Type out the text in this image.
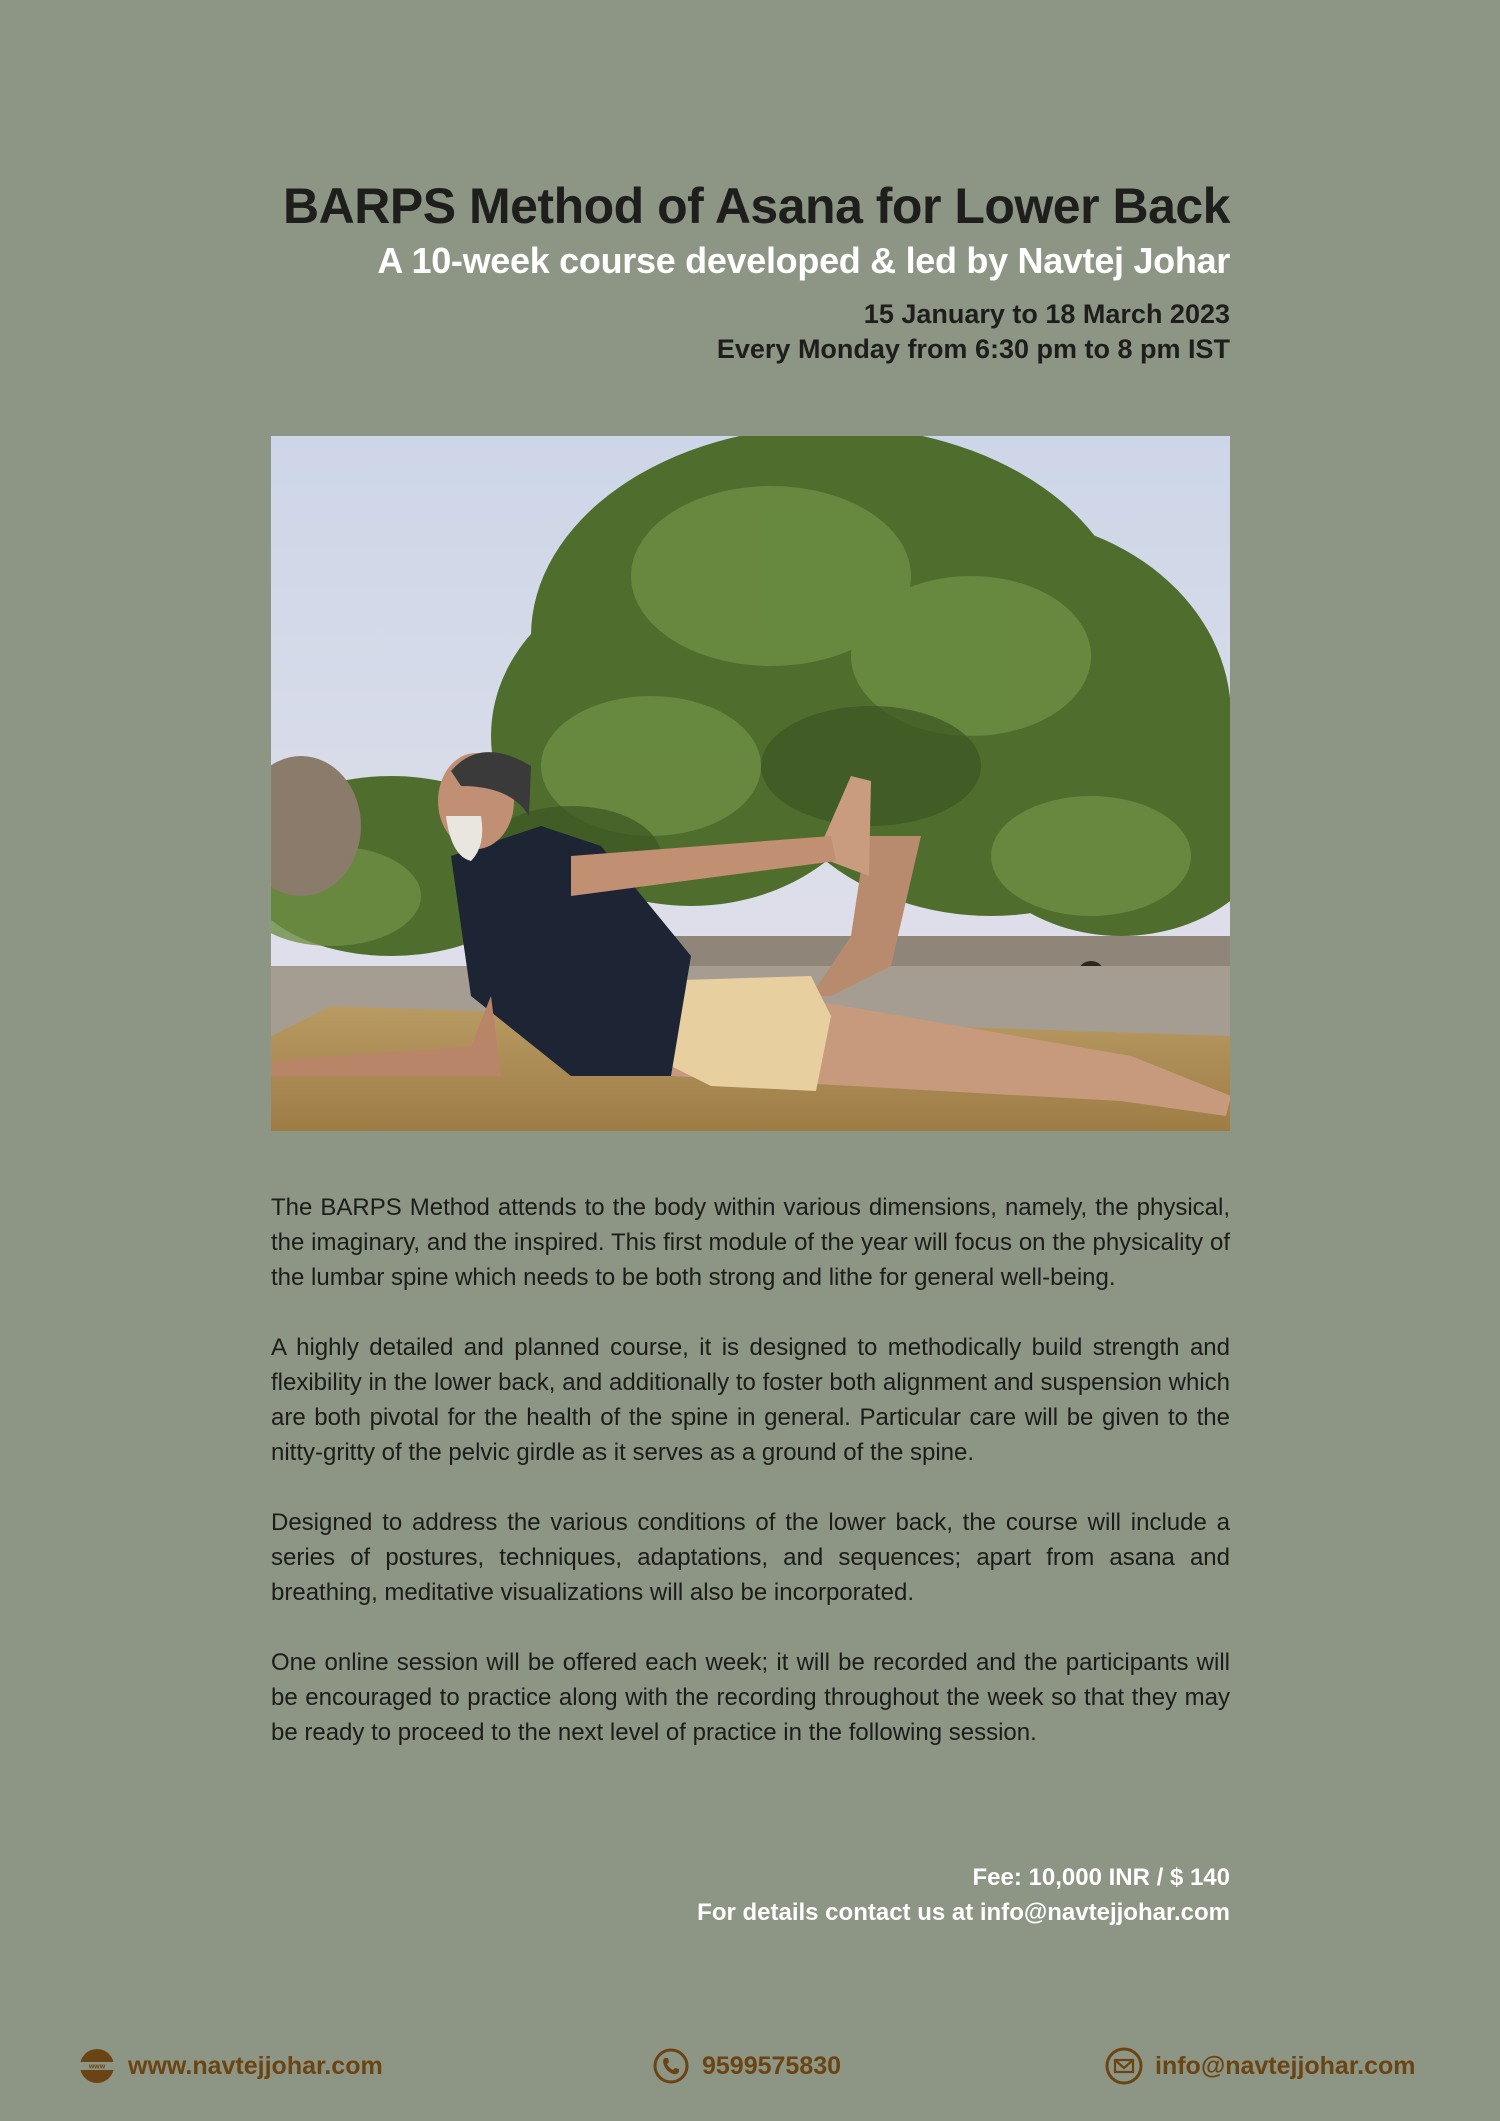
BARPS Method of Asana for Lower Back
A 10-week course developed & led by Navtej Johar
15 January to 18 March 2023
Every Monday from 6:30 pm to 8 pm IST

The BARPS Method attends to the body within various dimensions, namely, the physical, the imaginary, and the inspired. This first module of the year will focus on the physicality of the lumbar spine which needs to be both strong and lithe for general well-being.

A highly detailed and planned course, it is designed to methodically build strength and flexibility in the lower back, and additionally to foster both alignment and suspension which are both pivotal for the health of the spine in general. Particular care will be given to the nitty-gritty of the pelvic girdle as it serves as a ground of the spine.

Designed to address the various conditions of the lower back, the course will include a series of postures, techniques, adaptations, and sequences; apart from asana and breathing, meditative visualizations will also be incorporated.

One online session will be offered each week; it will be recorded and the participants will be encouraged to practice along with the recording throughout the week so that they may be ready to proceed to the next level of practice in the following session.

Fee: 10,000 INR / $ 140
For details contact us at info@navtejjohar.com
www www.navtejjohar.com	9599575830	info@navtejjohar.com
